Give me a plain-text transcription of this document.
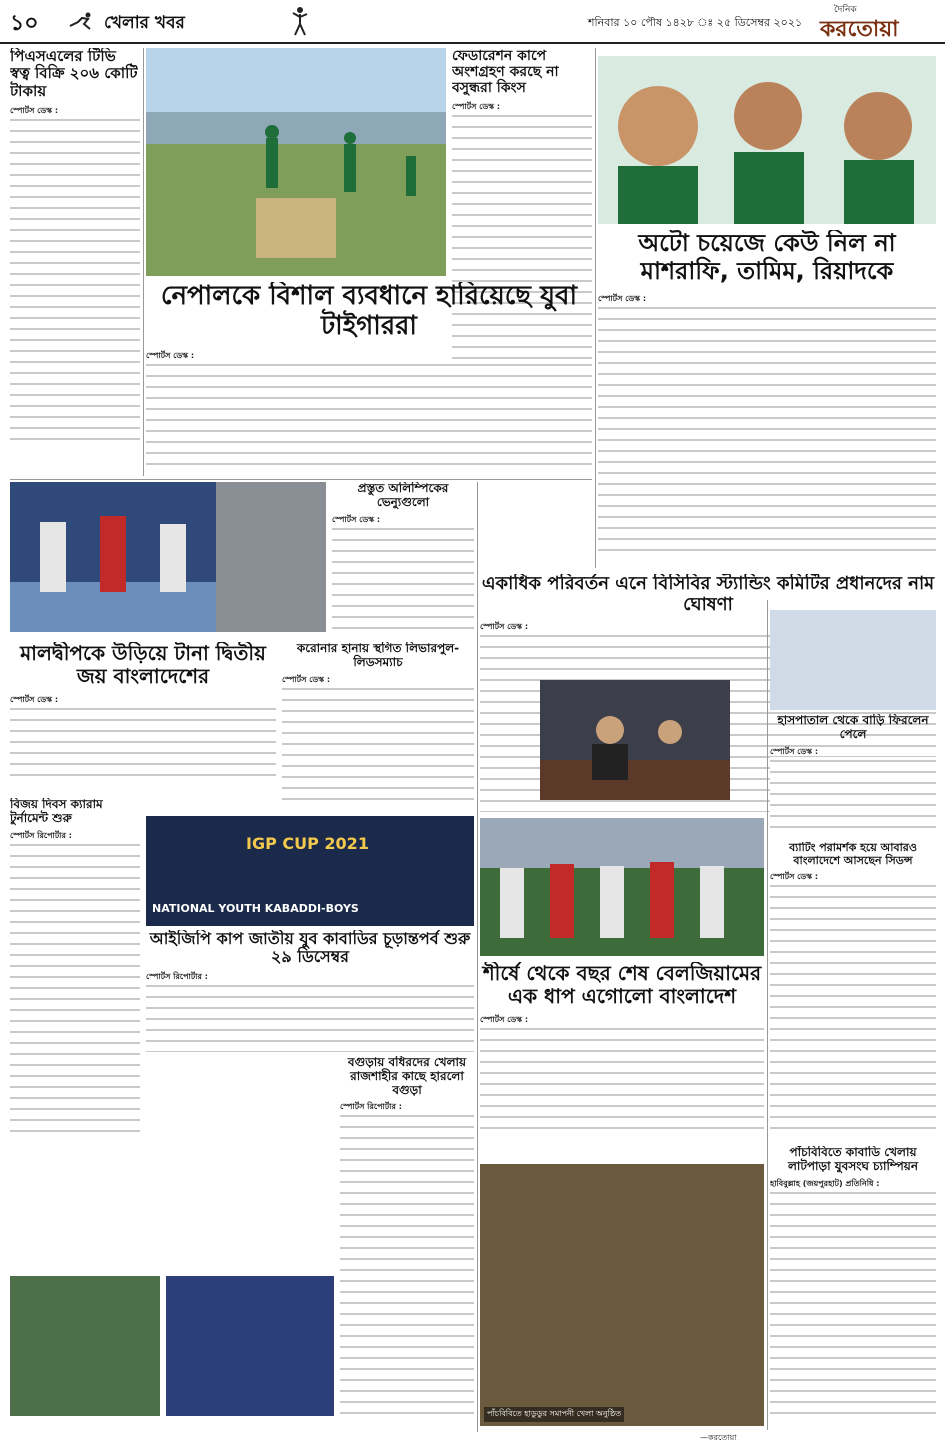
১০	খেলার খবর	শনিবার ১০ পৌষ ১৪২৮ ঃ ২৫ ডিসেম্বর ২০২১
দৈনিক
করতোয়া
পিএসএলের টিভি স্বত্ব বিক্রি ২০৬ কোটি টাকায়
স্পোর্টস ডেস্ক :
ফেডারেশন কাপে অংশগ্রহণ করছে না বসুন্ধরা কিংস
স্পোর্টস ডেস্ক :
অটো চয়েজে কেউ নিল না মাশরাফি, তামিম, রিয়াদকে
স্পোর্টস ডেস্ক :
নেপালকে বিশাল ব্যবধানে হারিয়েছে যুবা টাইগাররা
স্পোর্টস ডেস্ক :
প্রস্তুত অলিম্পিকের ভেন্যুগুলো
স্পোর্টস ডেস্ক :
একাধিক পরিবর্তন এনে বিসিবির স্ট্যান্ডিং কমিটির প্রধানদের নাম ঘোষণা
স্পোর্টস ডেস্ক :
হাসপাতাল থেকে বাড়ি ফিরলেন পেলে
স্পোর্টস ডেস্ক :
মালদ্বীপকে উড়িয়ে টানা দ্বিতীয় জয় বাংলাদেশের
স্পোর্টস ডেস্ক :
করোনার হানায় স্থগিত লিভারপুল-লিডসম্যাচ
স্পোর্টস ডেস্ক :
বিজয় দিবস ক্যারাম টুর্নামেন্ট শুরু
স্পোর্টস রিপোর্টার :	IGP CUP 2021
NATIONAL YOUTH KABADDI-BOYS
আইজিপি কাপ জাতীয় যুব কাবাডির চূড়ান্তপর্ব শুরু ২৯ ডিসেম্বর
স্পোর্টস রিপোর্টার :
ব্যাটিং পরামর্শক হয়ে আবারও বাংলাদেশে আসছেন সিডন্স
স্পোর্টস ডেস্ক :
বগুড়ায় বধিরদের খেলায় রাজশাহীর কাছে হারলো বগুড়া
স্পোর্টস রিপোর্টার :
শীর্ষে থেকে বছর শেষ বেলজিয়ামের এক ধাপ এগোলো বাংলাদেশ
স্পোর্টস ডেস্ক :
পাঁচবিবিতে হাডুডুর সমাপনী খেলা অনুষ্ঠিত
—করতোয়া
পাঁচবিবিতে কাবাডি খেলায় লাটপাড়া যুবসংঘ চ্যাম্পিয়ন
হাবিবুল্লাহ (জয়পুরহাট) প্রতিনিধি :
